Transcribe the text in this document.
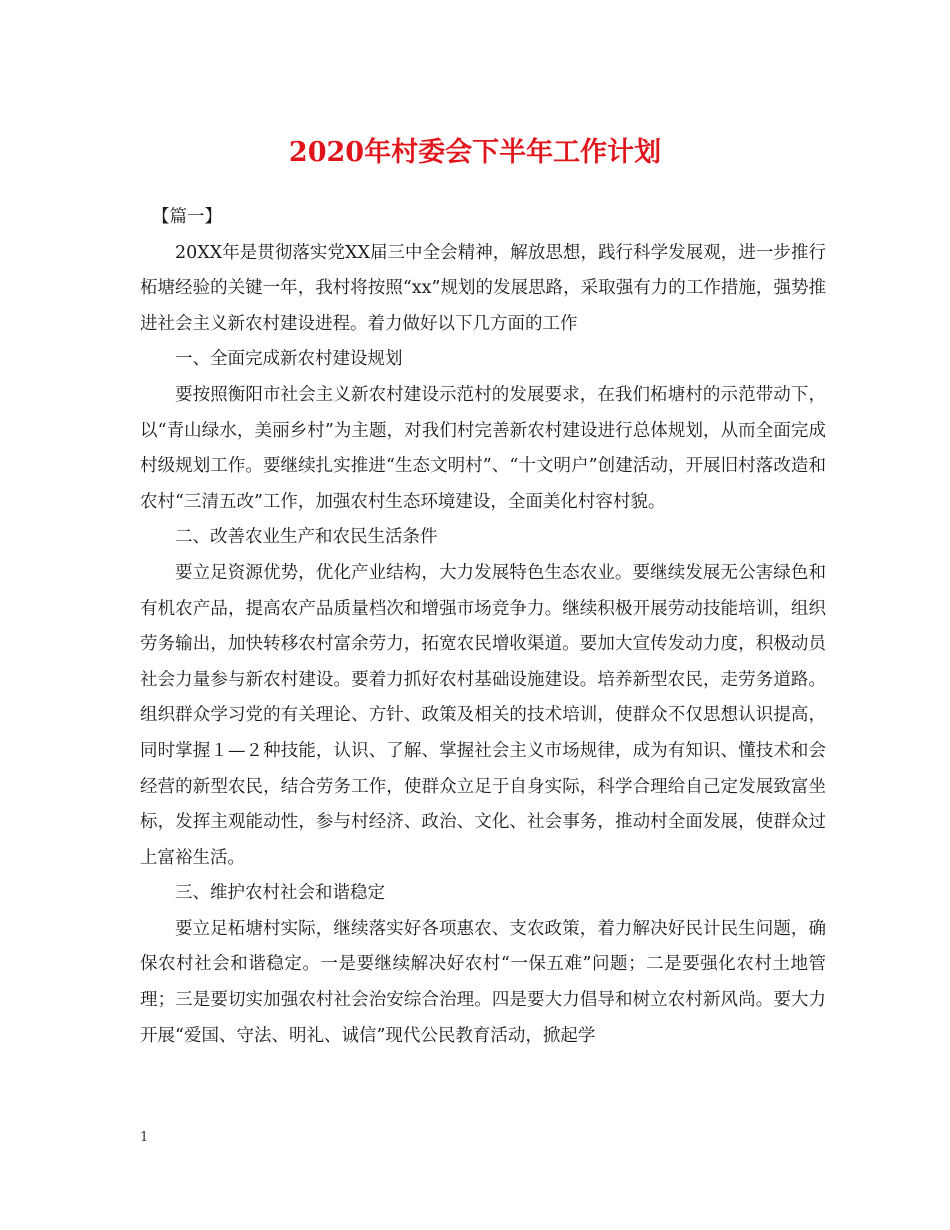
2020年村委会下半年工作计划

【篇一】

20XX年是贯彻落实党XX届三中全会精神，解放思想，践行科学发展观，进一步推行柘塘经验的关键一年，我村将按照“xx”规划的发展思路，采取强有力的工作措施，强势推进社会主义新农村建设进程。着力做好以下几方面的工作

一、全面完成新农村建设规划

要按照衡阳市社会主义新农村建设示范村的发展要求，在我们柘塘村的示范带动下，以“青山绿水，美丽乡村”为主题，对我们村完善新农村建设进行总体规划，从而全面完成村级规划工作。要继续扎实推进“生态文明村”、“十文明户”创建活动，开展旧村落改造和农村“三清五改”工作，加强农村生态环境建设，全面美化村容村貌。

二、改善农业生产和农民生活条件

要立足资源优势，优化产业结构，大力发展特色生态农业。要继续发展无公害绿色和有机农产品，提高农产品质量档次和增强市场竞争力。继续积极开展劳动技能培训，组织劳务输出，加快转移农村富余劳力，拓宽农民增收渠道。要加大宣传发动力度，积极动员社会力量参与新农村建设。要着力抓好农村基础设施建设。培养新型农民，走劳务道路。组织群众学习党的有关理论、方针、政策及相关的技术培训，使群众不仅思想认识提高，同时掌握１—２种技能，认识、了解、掌握社会主义市场规律，成为有知识、懂技术和会经营的新型农民，结合劳务工作，使群众立足于自身实际，科学合理给自己定发展致富坐标，发挥主观能动性，参与村经济、政治、文化、社会事务，推动村全面发展，使群众过上富裕生活。

三、维护农村社会和谐稳定

要立足柘塘村实际，继续落实好各项惠农、支农政策，着力解决好民计民生问题，确保农村社会和谐稳定。一是要继续解决好农村“一保五难”问题；二是要强化农村土地管理；三是要切实加强农村社会治安综合治理。四是要大力倡导和树立农村新风尚。要大力开展“爱国、守法、明礼、诚信”现代公民教育活动，掀起学

1
